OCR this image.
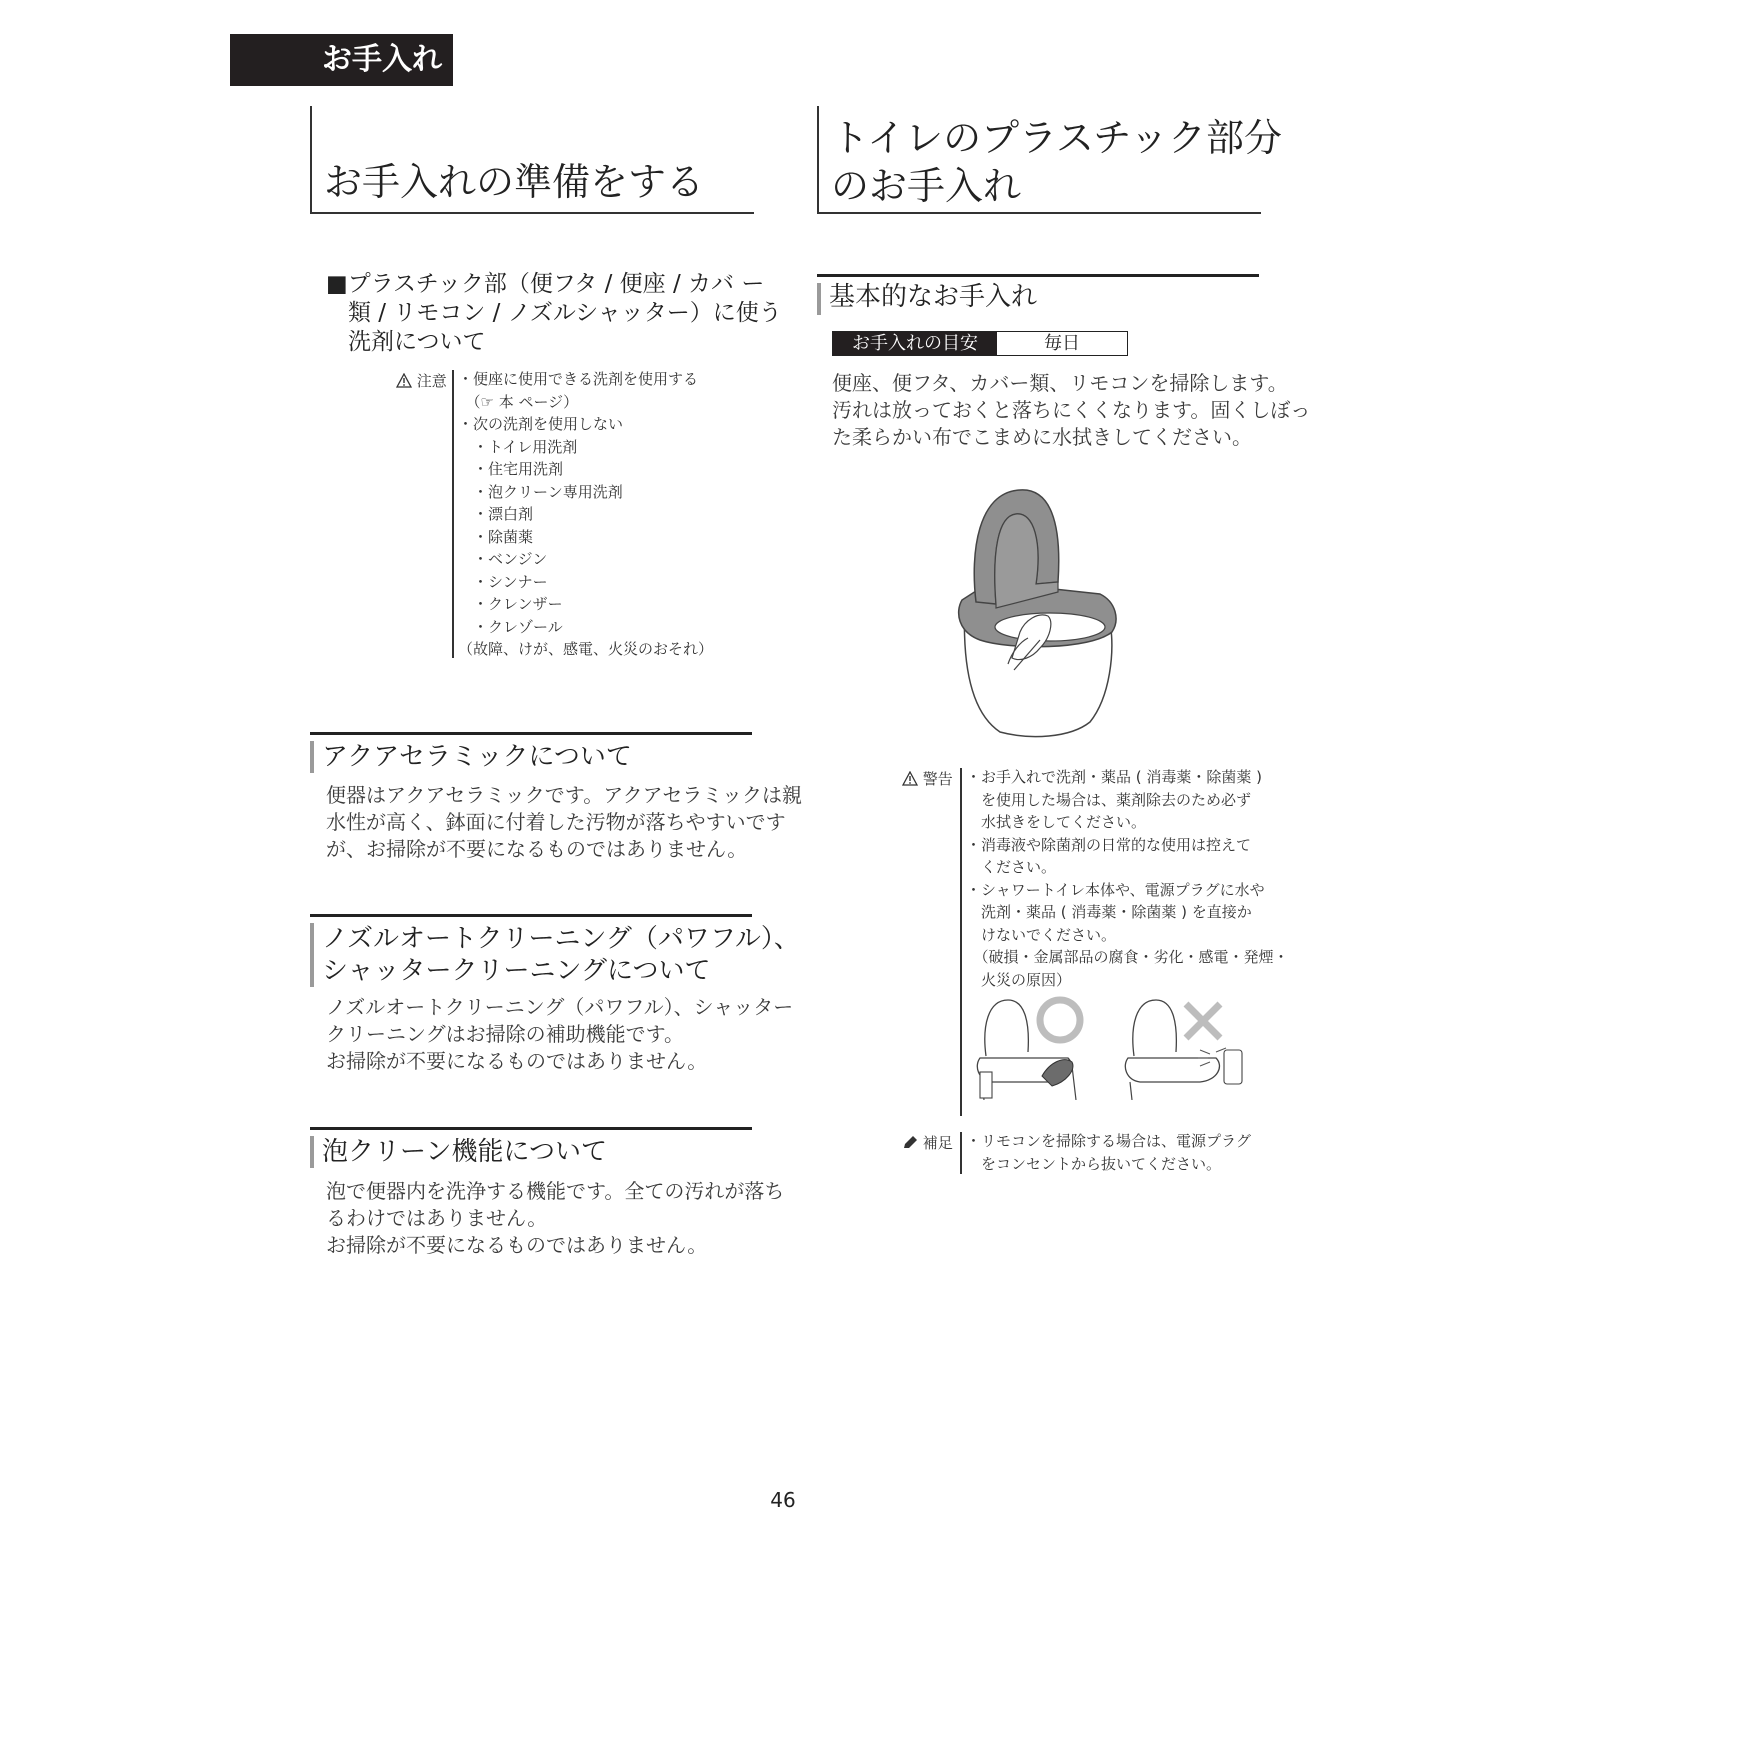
お手入れ
お手入れの準備をする
■プラスチック部（便フタ / 便座 / カバ ー
類 / リモコン / ノズルシャッター）に使う
洗剤について
注意 ・便座に使用できる洗剤を使用する
　（☞ 本 ページ）
・次の洗剤を使用しない
　・トイレ用洗剤
　・住宅用洗剤
　・泡クリーン専用洗剤
　・漂白剤
　・除菌薬
　・ベンジン
　・シンナー
　・クレンザー
　・クレゾール
（故障、けが、感電、火災のおそれ）
アクアセラミックについて
便器はアクアセラミックです。アクアセラミックは親
水性が高く、鉢面に付着した汚物が落ちやすいです
が、お掃除が不要になるものではありません。
ノズルオートクリーニング（パワフル）、
シャッタークリーニングについて
ノズルオートクリーニング（パワフル）、シャッター
クリーニングはお掃除の補助機能です。
お掃除が不要になるものではありません。
泡クリーン機能について
泡で便器内を洗浄する機能です。全ての汚れが落ち
るわけではありません。
お掃除が不要になるものではありません。
トイレのプラスチック部分
のお手入れ
基本的なお手入れ
お手入れの目安	毎日
便座、便フタ、カバー類、リモコンを掃除します。
汚れは放っておくと落ちにくくなります。固くしぼっ
た柔らかい布でこまめに水拭きしてください。
警告 ・お手入れで洗剤・薬品 ( 消毒薬・除菌薬 )
　を使用した場合は、薬剤除去のため必ず
　水拭きをしてください。
・消毒液や除菌剤の日常的な使用は控えて
　ください。
・シャワートイレ本体や、電源プラグに水や
　洗剤・薬品 ( 消毒薬・除菌薬 ) を直接か
　けないでください。
　（破損・金属部品の腐食・劣化・感電・発煙・
　火災の原因）
補足 ・リモコンを掃除する場合は、電源プラグ
　をコンセントから抜いてください。
46
